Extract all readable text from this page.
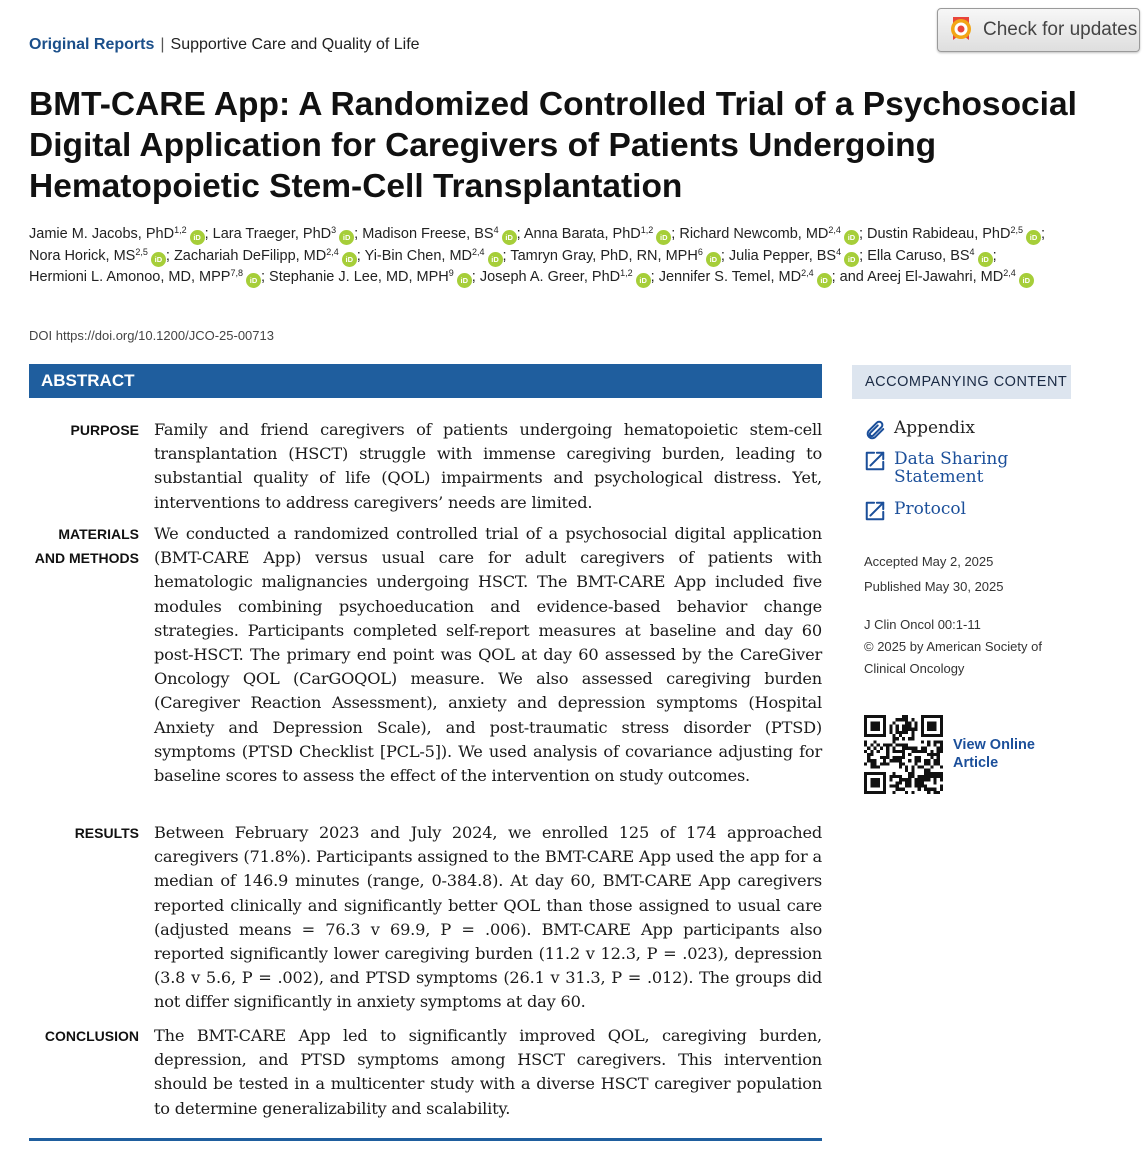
Original Reports | Supportive Care and Quality of Life
Check for updates
BMT-CARE App: A Randomized Controlled Trial of a Psychosocial Digital Application for Caregivers of Patients Undergoing Hematopoietic Stem-Cell Transplantation
Jamie M. Jacobs, PhD$^{1,2}$iD ; Lara Traeger, PhD$^3$iD ; Madison Freese, $BS^4iD$ ; Anna Barata, PhD$^{1,2}$iD ; Richard Newcomb, MD$^{2,4}$iD ; Dustin Rabideau, PhD$^{2,5}$iD ; Nora Horick, MS$^{2,5}$iD ; Zachariah DeFilipp, MD$^{2,4}$iD ; Yi-Bin Chen, MD$^{2,4}$iD ; Tamryn Gray, PhD, RN, MPH$^6$iD ; Julia Pepper, $BS^4iD$ ; Ella Caruso, $BS^4iD$ ; Hermioni L. Amonoo, MD, MPP$^{7,8}$iD ; Stephanie J. Lee, MD, MPH$^9$iD ; Joseph A. Greer, PhD$^{1,2}$iD ; Jennifer S. Temel, MD$^{2,4}$iD ; and Areej El-Jawahri, MD$^{2,4}$iD
DOI https://doi.org/10.1200/JCO-25-00713
ABSTRACT
PURPOSE Family and friend caregivers of patients undergoing hematopoietic stem-cell transplantation (HSCT) struggle with immense caregiving burden, leading to substantial quality of life (QOL) impairments and psychological distress. Yet, interventions to address caregivers’ needs are limited.
MATERIALS AND METHODS
We conducted a randomized controlled trial of a psychosocial digital application (BMT-CARE App) versus usual care for adult caregivers of patients with hematologic malignancies undergoing HSCT. The BMT-CARE App included five modules combining psychoeducation and evidence-based behavior change strategies. Participants completed self-report measures at baseline and day 60 post-HSCT. The primary end point was QOL at day 60 assessed by the CareGiver Oncology QOL (CarGOQOL) measure. We also assessed caregiving burden (Caregiver Reaction Assessment), anxiety and depression symptoms (Hospital Anxiety and Depression Scale), and post-traumatic stress disorder (PTSD) symptoms (PTSD Checklist [PCL-5]). We used analysis of covariance adjusting for baseline scores to assess the effect of the intervention on study outcomes.
RESULTS Between February 2023 and July 2024, we enrolled 125 of 174 approached caregivers (71.8%). Participants assigned to the BMT-CARE App used the app for a median of 146.9 minutes (range, 0-384.8). At day 60, BMT-CARE App caregivers reported clinically and significantly better QOL than those assigned to usual care (adjusted means = 76.3 v 69.9, P = .006). BMT-CARE App participants also reported significantly lower caregiving burden (11.2 v 12.3, P = .023), depression (3.8 v 5.6, P = .002), and PTSD symptoms (26.1 v 31.3, P = .012). The groups did not differ significantly in anxiety symptoms at day 60.
CONCLUSION The BMT-CARE App led to significantly improved QOL, caregiving burden, depression, and PTSD symptoms among HSCT caregivers. This intervention should be tested in a multicenter study with a diverse HSCT caregiver population to determine generalizability and scalability.
ACCOMPANYING CONTENT
Appendix
Data Sharing Statement
Protocol
Accepted May 2, 2025
Published May 30, 2025
J Clin Oncol 00:1-11
© 2025 by American Society of Clinical Oncology
View Online Article
